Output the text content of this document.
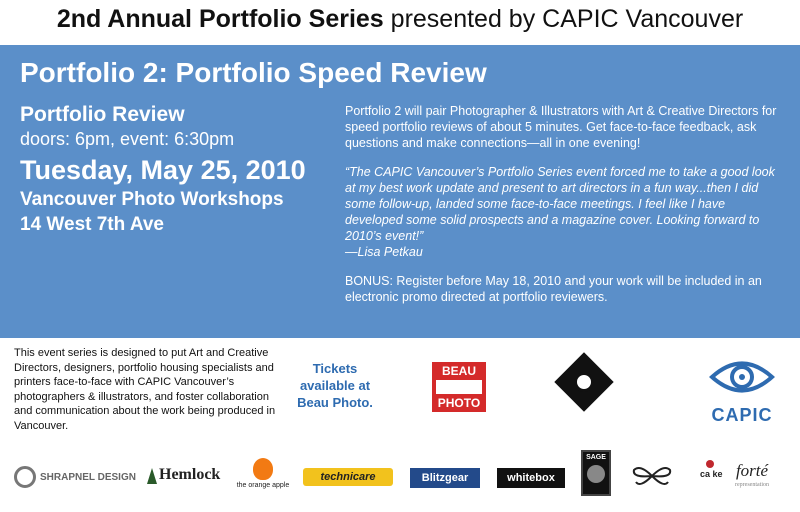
2nd Annual Portfolio Series presented by CAPIC Vancouver
Portfolio 2: Portfolio Speed Review
Portfolio Review
doors: 6pm, event: 6:30pm
Tuesday, May 25, 2010
Vancouver Photo Workshops
14 West 7th Ave

Portfolio 2 will pair Photographer & Illustrators with Art & Creative Directors for speed portfolio reviews of about 5 minutes. Get face-to-face feedback, ask questions and make connections—all in one evening!

“The CAPIC Vancouver’s Portfolio Series event forced me to take a good look at my best work update and present to art directors in a fun way...then I did some follow-up, landed some face-to-face meetings. I feel like I have developed some solid prospects and a magazine cover. Looking forward to 2010’s event!”

—Lisa Petkau

BONUS: Register before May 18, 2010 and your work will be included in an electronic promo directed at portfolio reviewers.

This event series is designed to put Art and Creative Directors, designers, portfolio housing specialists and printers face-to-face with CAPIC Vancouver’s photographers & illustrators, and foster collaboration and communication about the work being produced in Vancouver.
Tickets available at Beau Photo.
BEAU
PHOTO
CAPIC
SHRAPNEL DESIGN	Hemlock
the orange apple
technicare	Blitzgear	whitebox
SAGE
ca ke forté
representation
